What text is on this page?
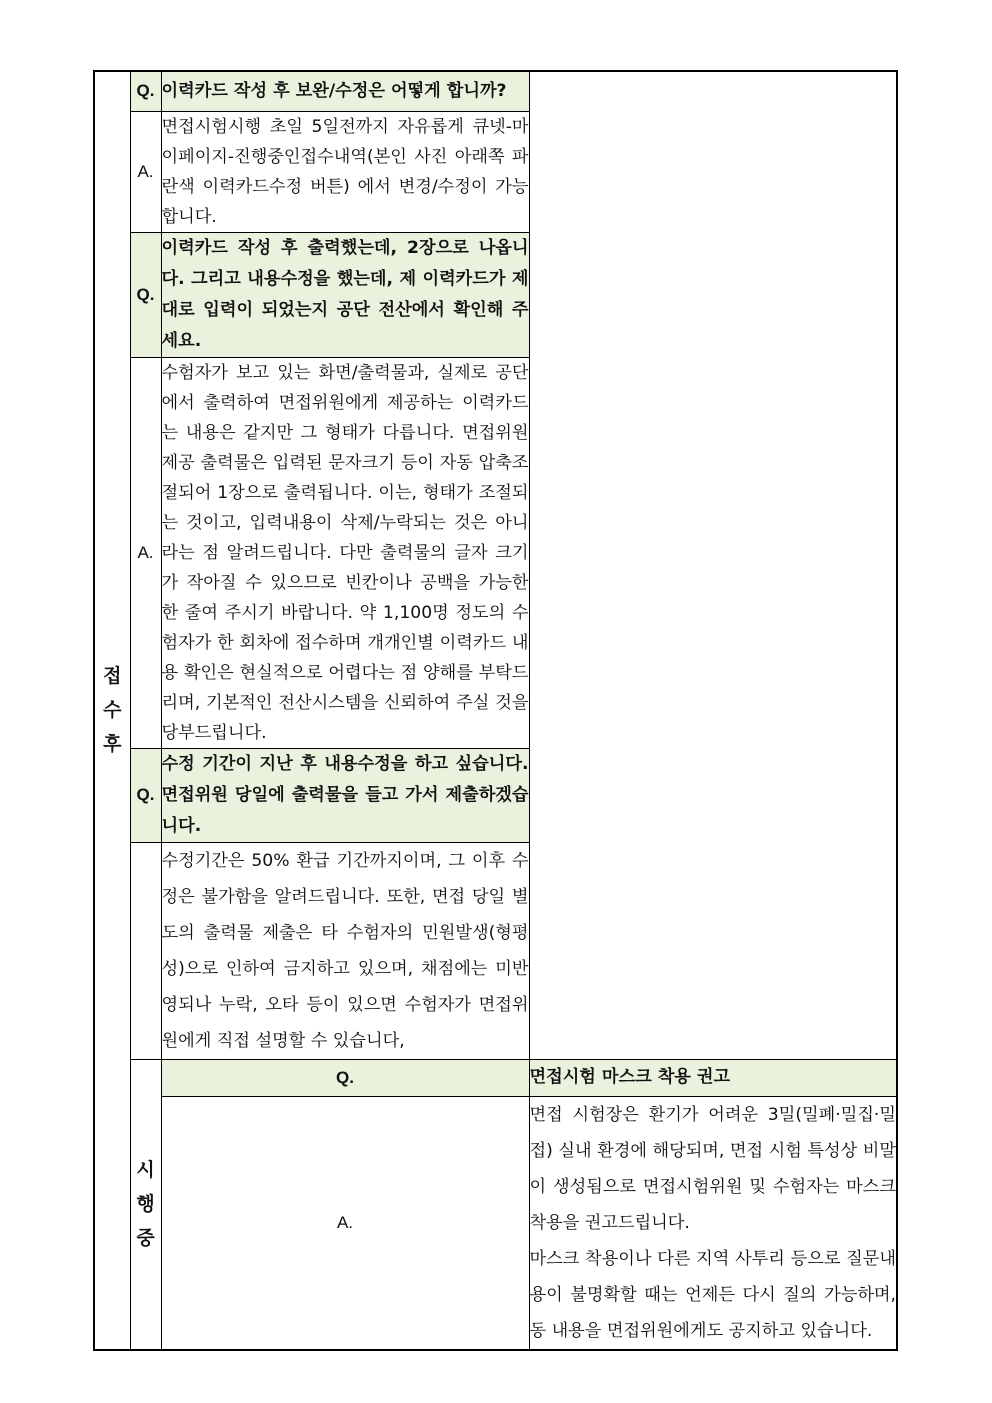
접
수
후	Q.	이력카드 작성 후 보완/수정은 어떻게 합니까?	
	A.	면접시험시행 초일 5일전까지 자유롭게 큐넷-마이페이지-진행중인접수내역(본인 사진 아래쪽 파란색 이력카드수정 버튼) 에서 변경/수정이 가능합니다.	
	Q.	이력카드 작성 후 출력했는데, 2장으로 나옵니다. 그리고 내용수정을 했는데, 제 이력카드가 제대로 입력이 되었는지 공단 전산에서 확인해 주세요.	
	A.	수험자가 보고 있는 화면/출력물과, 실제로 공단에서 출력하여 면접위원에게 제공하는 이력카드는 내용은 같지만 그 형태가 다릅니다. 면접위원 제공 출력물은 입력된 문자크기 등이 자동 압축조절되어 1장으로 출력됩니다. 이는, 형태가 조절되는 것이고, 입력내용이 삭제/누락되는 것은 아니라는 점 알려드립니다. 다만 출력물의 글자 크기가 작아질 수 있으므로 빈칸이나 공백을 가능한 한 줄여 주시기 바랍니다. 약 1,100명 정도의 수험자가 한 회차에 접수하며 개개인별 이력카드 내용 확인은 현실적으로 어렵다는 점 양해를 부탁드리며, 기본적인 전산시스템을 신뢰하여 주실 것을 당부드립니다.	
	Q.	수정 기간이 지난 후 내용수정을 하고 싶습니다. 면접위원 당일에 출력물을 들고 가서 제출하겠습니다.	
		수정기간은 50% 환급 기간까지이며, 그 이후 수정은 불가함을 알려드립니다. 또한, 면접 당일 별도의 출력물 제출은 타 수험자의 민원발생(형평성)으로 인하여 금지하고 있으며, 채점에는 미반영되나 누락, 오타 등이 있으면 수험자가 면접위원에게 직접 설명할 수 있습니다,	

	시
행
중	Q.	면접시험 마스크 착용 권고
		A.	면접 시험장은 환기가 어려운 3밀(밀폐·밀집·밀접) 실내 환경에 해당되며, 면접 시험 특성상 비말이 생성됨으로 면접시험위원 및 수험자는 마스크 착용을 권고드립니다.
마스크 착용이나 다른 지역 사투리 등으로 질문내용이 불명확할 때는 언제든 다시 질의 가능하며, 동 내용을 면접위원에게도 공지하고 있습니다.
